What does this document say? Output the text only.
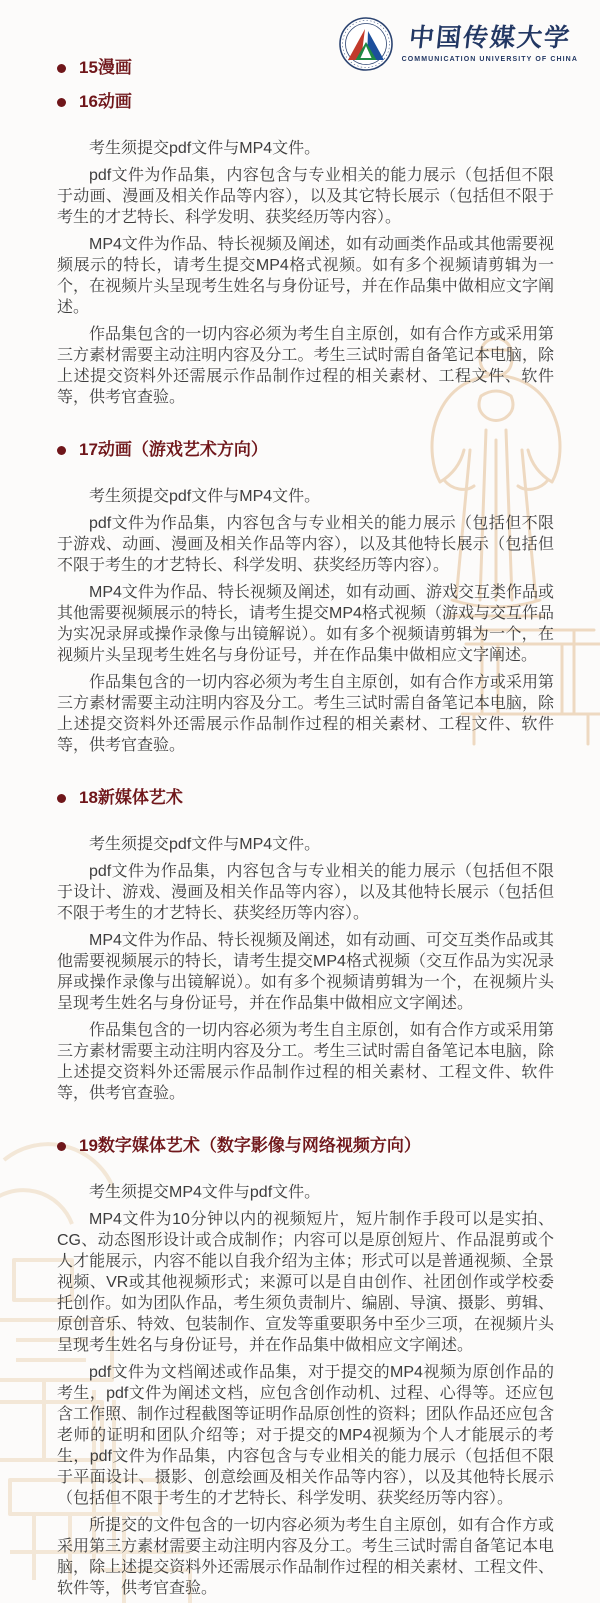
中国传媒大学
COMMUNICATION UNIVERSITY OF CHINA
15漫画
16动画

考生须提交pdf文件与MP4文件。

pdf文件为作品集，内容包含与专业相关的能力展示（包括但不限于动画、漫画及相关作品等内容），以及其它特长展示（包括但不限于考生的才艺特长、科学发明、获奖经历等内容）。

MP4文件为作品、特长视频及阐述，如有动画类作品或其他需要视频展示的特长，请考生提交MP4格式视频。如有多个视频请剪辑为一个，在视频片头呈现考生姓名与身份证号，并在作品集中做相应文字阐述。

作品集包含的一切内容必须为考生自主原创，如有合作方或采用第三方素材需要主动注明内容及分工。考生三试时需自备笔记本电脑，除上述提交资料外还需展示作品制作过程的相关素材、工程文件、软件等，供考官查验。

17动画（游戏艺术方向）

考生须提交pdf文件与MP4文件。

pdf文件为作品集，内容包含与专业相关的能力展示（包括但不限于游戏、动画、漫画及相关作品等内容），以及其他特长展示（包括但不限于考生的才艺特长、科学发明、获奖经历等内容）。

MP4文件为作品、特长视频及阐述，如有动画、游戏交互类作品或其他需要视频展示的特长，请考生提交MP4格式视频（游戏与交互作品为实况录屏或操作录像与出镜解说）。如有多个视频请剪辑为一个，在视频片头呈现考生姓名与身份证号，并在作品集中做相应文字阐述。

作品集包含的一切内容必须为考生自主原创，如有合作方或采用第三方素材需要主动注明内容及分工。考生三试时需自备笔记本电脑，除上述提交资料外还需展示作品制作过程的相关素材、工程文件、软件等，供考官查验。

18新媒体艺术

考生须提交pdf文件与MP4文件。

pdf文件为作品集，内容包含与专业相关的能力展示（包括但不限于设计、游戏、漫画及相关作品等内容），以及其他特长展示（包括但不限于考生的才艺特长、获奖经历等内容）。

MP4文件为作品、特长视频及阐述，如有动画、可交互类作品或其他需要视频展示的特长，请考生提交MP4格式视频（交互作品为实况录屏或操作录像与出镜解说）。如有多个视频请剪辑为一个，在视频片头呈现考生姓名与身份证号，并在作品集中做相应文字阐述。

作品集包含的一切内容必须为考生自主原创，如有合作方或采用第三方素材需要主动注明内容及分工。考生三试时需自备笔记本电脑，除上述提交资料外还需展示作品制作过程的相关素材、工程文件、软件等，供考官查验。

19数字媒体艺术（数字影像与网络视频方向）

考生须提交MP4文件与pdf文件。

MP4文件为10分钟以内的视频短片，短片制作手段可以是实拍、CG、动态图形设计或合成制作；内容可以是原创短片、作品混剪或个人才能展示，内容不能以自我介绍为主体；形式可以是普通视频、全景视频、VR或其他视频形式；来源可以是自由创作、社团创作或学校委托创作。如为团队作品，考生须负责制片、编剧、导演、摄影、剪辑、原创音乐、特效、包装制作、宣发等重要职务中至少三项，在视频片头呈现考生姓名与身份证号，并在作品集中做相应文字阐述。

pdf文件为文档阐述或作品集，对于提交的MP4视频为原创作品的考生，pdf文件为阐述文档，应包含创作动机、过程、心得等。还应包含工作照、制作过程截图等证明作品原创性的资料；团队作品还应包含老师的证明和团队介绍等；对于提交的MP4视频为个人才能展示的考生，pdf文件为作品集，内容包含与专业相关的能力展示（包括但不限于平面设计、摄影、创意绘画及相关作品等内容），以及其他特长展示（包括但不限于考生的才艺特长、科学发明、获奖经历等内容）。

所提交的文件包含的一切内容必须为考生自主原创，如有合作方或采用第三方素材需要主动注明内容及分工。考生三试时需自备笔记本电脑，除上述提交资料外还需展示作品制作过程的相关素材、工程文件、软件等，供考官查验。
